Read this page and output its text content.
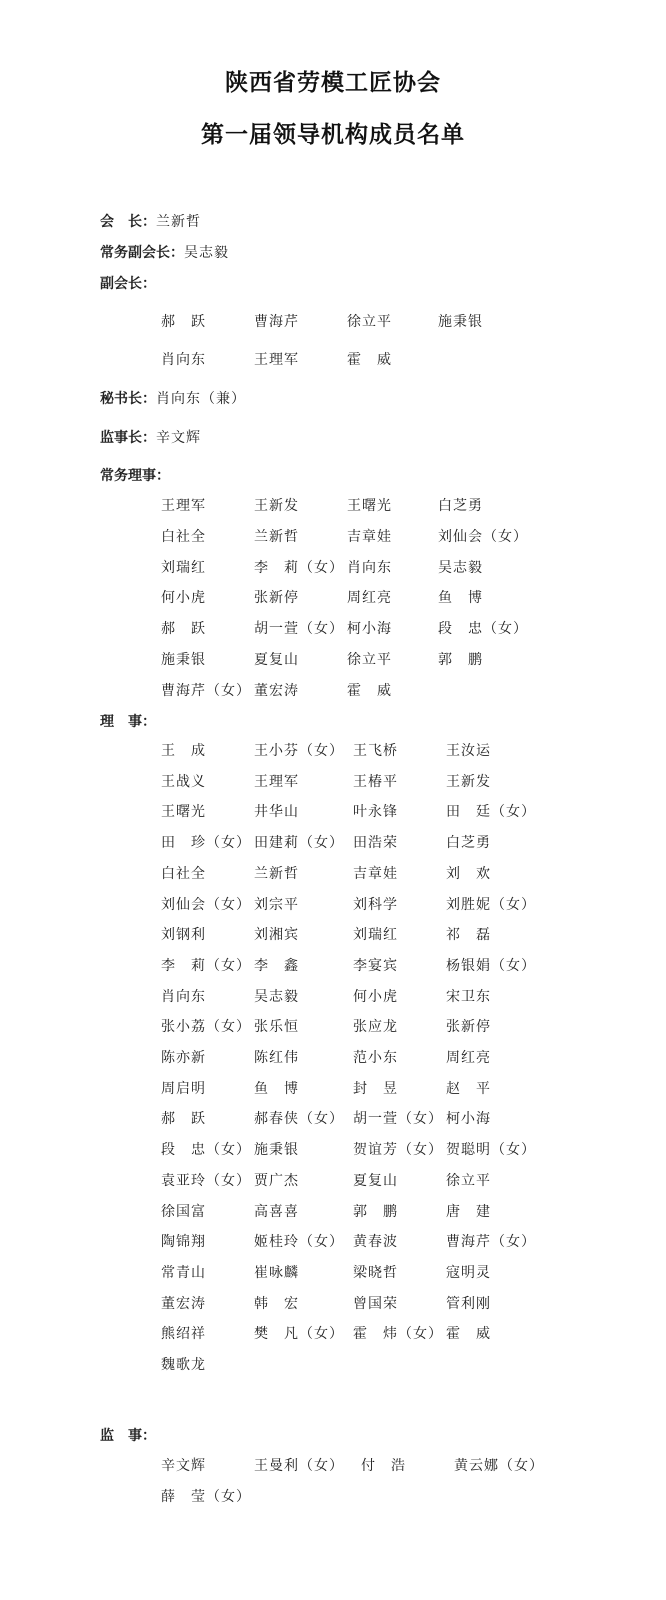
陕西省劳模工匠协会
第一届领导机构成员名单
会　长：兰新哲
常务副会长：吴志毅
副会长：
郝　跃	曹海芹	徐立平	施秉银
肖向东	王理军	霍　威
秘书长：肖向东（兼）
监事长：辛文辉
常务理事：
王理军	王新发	王曙光	白芝勇
白社全	兰新哲	吉章娃	刘仙会（女）
刘瑞红	李　莉（女） 肖向东	吴志毅
何小虎	张新停	周红亮	鱼　博
郝　跃	胡一萱（女） 柯小海	段　忠（女）
施秉银	夏复山	徐立平	郭　鹏
曹海芹（女） 董宏涛	霍　威
理　事：
王　成	王小芬（女） 王飞桥	王汝运
王战义	王理军	王椿平	王新发
王曙光	井华山	叶永锋	田　廷（女）
田　珍（女） 田建莉（女） 田浩荣	白芝勇
白社全	兰新哲	吉章娃	刘　欢
刘仙会（女） 刘宗平	刘科学	刘胜妮（女）
刘钢利	刘湘宾	刘瑞红	祁　磊
李　莉（女） 李　鑫	李宴宾	杨银娟（女）
肖向东	吴志毅	何小虎	宋卫东
张小荔（女） 张乐恒	张应龙	张新停
陈亦新	陈红伟	范小东	周红亮
周启明	鱼　博	封　昱	赵　平
郝　跃	郝春侠（女） 胡一萱（女） 柯小海
段　忠（女） 施秉银	贺谊芳（女） 贺聪明（女）
袁亚玲（女） 贾广杰	夏复山	徐立平
徐国富	高喜喜	郭　鹏	唐　建
陶锦翔	姬桂玲（女） 黄春波	曹海芹（女）
常青山	崔咏麟	梁晓哲	寇明灵
董宏涛	韩　宏	曾国荣	管利刚
熊绍祥	樊　凡（女） 霍　炜（女） 霍　威
魏歌龙
监　事：
辛文辉	王曼利（女） 付　浩	黄云娜（女）
薛　莹（女）
